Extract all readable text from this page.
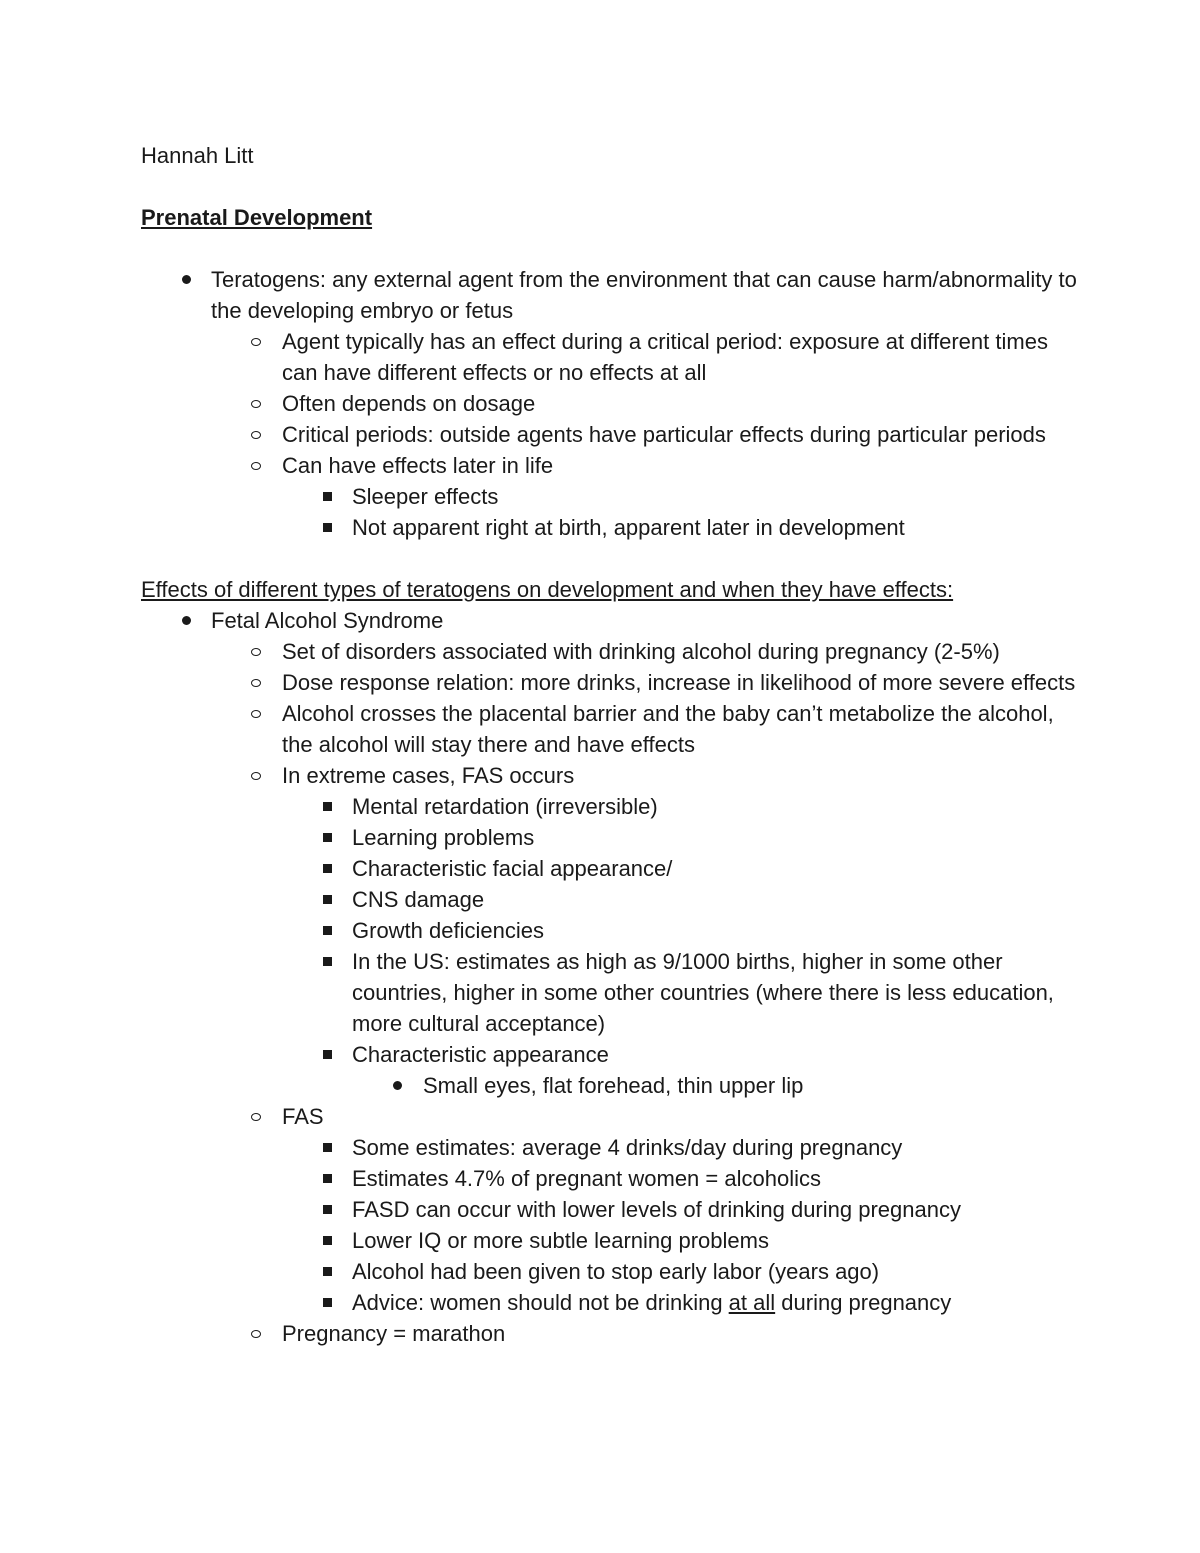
Hannah Litt

Prenatal Development

Teratogens: any external agent from the environment that can cause harm/abnormality to the developing embryo or fetus
Agent typically has an effect during a critical period: exposure at different times can have different effects or no effects at all
Often depends on dosage
Critical periods: outside agents have particular effects during particular periods
Can have effects later in life
Sleeper effects
Not apparent right at birth, apparent later in development

Effects of different types of teratogens on development and when they have effects:

Fetal Alcohol Syndrome
Set of disorders associated with drinking alcohol during pregnancy (2-5%)
Dose response relation: more drinks, increase in likelihood of more severe effects
Alcohol crosses the placental barrier and the baby can’t metabolize the alcohol, the alcohol will stay there and have effects
In extreme cases, FAS occurs
Mental retardation (irreversible)
Learning problems
Characteristic facial appearance/
CNS damage
Growth deficiencies
In the US: estimates as high as 9/1000 births, higher in some other countries, higher in some other countries (where there is less education, more cultural acceptance)
Characteristic appearance
Small eyes, flat forehead, thin upper lip
FAS
Some estimates: average 4 drinks/day during pregnancy
Estimates 4.7% of pregnant women = alcoholics
FASD can occur with lower levels of drinking during pregnancy
Lower IQ or more subtle learning problems
Alcohol had been given to stop early labor (years ago)
Advice: women should not be drinking at all during pregnancy
Pregnancy = marathon
